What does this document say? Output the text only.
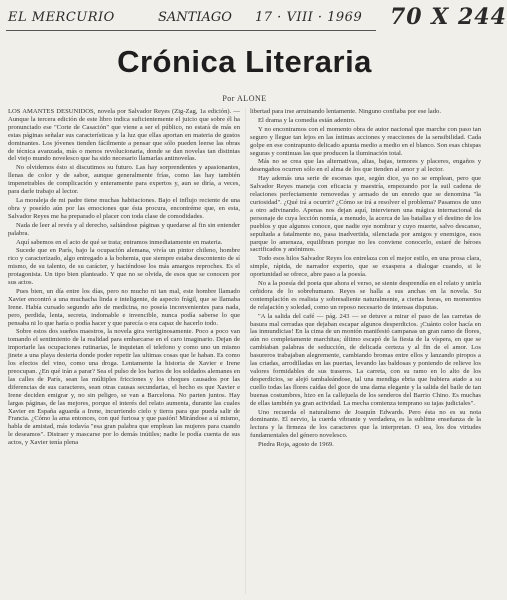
EL MERCURIO	SANTIAGO 17 · VIII · 1969 70 X 244
Crónica Literaria
Por ALONE

LOS AMANTES DESUNIDOS, novela por Salvador Reyes (Zig-Zag, 1a edición). — Aunque la tercera edición de este libro indica suficientemente el juicio que sobre él ha pronunciado ese "Corte de Casación" que viene a ser el público, no estará de más en estas páginas señalar sus características y la luz que ellas aportan en materia de gustos dominantes. Los jóvenes tienden fácilmente a pensar que sólo pueden leerse las obras de técnica avanzada, más o menos revolucionaria, donde se dan novelas tan distintas del viejo mundo novelesco que ha sido necesario llamarlas antinovelas.

No olvidemos ésto si discutimos su futuro. Las hay sorprendentes y apasionantes, llenas de color y de sabor, aunque generalmente frías, como las hay también impenetrables de complicación y enteramente para expertos y, aun se diría, a veces, para darle trabajo al lector.

La moraleja de mi padre tiene muchas habitaciones. Bajo el influjo reciente de una obra y poseído aún por las emociones que ésta procura, encontréme que, en esta, Salvador Reyes me ha preparado el placer con toda clase de comodidades.

Nada de leer al revés y al derecho, saltándose páginas y quedarse al fin sin entender palabra.

Aquí sabemos en el acto de qué se trata; entramos inmediatamente en materia.

Sucede que en París, bajo la ocupación alemana, vivía un pintor chileno, hombre rico y caracterizado, algo entregado a la bohemia, que siempre estaba descontento de sí mismo, de su talento, de su carácter, y haciéndose los más amargos reproches. Es el protagonista. Un tipo bien planteado. Y que no se olvida, de esos que se conocen por sus actos.

Pues bien, un día entre los días, pero no mucho ni tan mal, este hombre llamado Xavier encontró a una muchacha linda e inteligente, de aspecto frágil, que se llamaba Irene. Había cursado segundo año de medicina, no poseía inconvenientes para nada, pero, perdida, lenta, secreta, indomable e invencible, nunca podía saberse lo que pensaba ni lo que haría o podía hacer y que parecía o era capaz de hacerlo todo.

Sobre estos dos sueños maestros, la novela gira vertiginosamente. Poco a poco van tomando el sentimiento de la realidad para embarcarse en el caro imaginario. Dejan de importarle las ocupaciones rutinarias, le inquietan el telefono y como uno un mismo jinete a una playa desierta donde poder repetir las ultimas cosas que le haban. Es como los efectos del vino, como una droga. Lentamente la historia de Xavier e Irene preocupan. ¿En qué irán a parar? Sea el pulso de los barios de los soldados alemanes en las calles de París, sean las múltiples fricciones y los choques causados por las diferencias de sus caracteres, sean otras causas secundarias, el hecho es que Xavier e Irene deciden emigrar y, no sin peligro, se van a Barcelona. No parten juntos. Hay largas páginas, de las mejores, porque el interés del relato aumenta, durante las cuales Xavier en España aguarda a Irene, incurriendo cielo y tierra para que pueda salir de Francia. ¿Cómo la ama entonces, con qué furiosa y que pasión! Mirándose a sí mismo, habla de amistad, más todavía "esa gran palabra que emplean las mujeres para cuando le deseamos". Distraer y mascarse por lo demás inútiles; nadie le podía cuenta de sus actos, y Xavier tenía plena

libertad para irse arruinando lentamente. Ninguno confiaba por ese lado.

El drama y la comedia están adentro.

Y no encontramos con el momento obra de autor nacional que marche con paso tan seguro y llegue tan lejos en las íntimas acciones y reacciones de la sensibilidad. Cada golpe en ese contrapunto delicado apunta medio a medio en el blanco. Son esas chispas seguras y continuas las que producen la iluminación total.

Más no se crea que las alternativas, altas, bajas, temores y placeres, engaños y desengaños ocurren sólo en el alma de los que tienden al amor y al lector.

Hay además una serie de escenas que, según dice, ya no se emplean, pero que Salvador Reyes maneja con eficacia y maestría, empezando por la suil cadena de relaciones perfectamente removedas y armado de un enredo que se denomina "la curiosidad". ¿Qué irá a ocurrir? ¿Cómo se irá a resolver el problema? Pasamos de uno a otro adivinando. Apenas nos dejan aquí, intervienen una mágica internacional da personaje de cuya lección nomía, a menudo, la acerca de las batallas y el destino de los pueblos y que algunos conoce, que nadie oye nombrar y cuyo muerte, salvo descanso, sepultada a fatalmente no, pasa inadvertida, silenciada por amigos y enemigos, esos parque lo amenaza, equilibran porque no les conviene conocerlo, estaré de héroes sacrificados y anónimos.

Todo esos hilos Salvador Reyes los entrelaza con el mejor estilo, en una prosa clara, simple, rápida, de narrador experto, que se exaspera a dialogar cuando, si le oportunidad se ofrece, abre paso a la poesía.

No a la poesía del poeta que ahora el verso, se siente desprendía en el relato y unirla ceñidora de lo sobrehumano. Reyes se halla a sus anchas en la novela. Su contemplación es realista y sobresaliente naturalmente, a ciertas horas, en momentos de relajación y soledad, como un reposo necesario de intensas disputas.

"A la salida del café — pág. 243 — se detuve a mirar el paso de las carretas de basura mal cerradas que dejaban escapar algunos desperdicios. ¡Cuánto color hacía en las inmundicias! En la cima de un montón manifestó campanas un gran ramo de flores, aún no completamente marchitas; último escapó de la fiesta de la víspera, en que se cambiaban palabras de seducción, de delicada certeza y al fin de el amor. Los basureros trabajaban alegremente, cambiando bromas entre ellos y lanzando piropos a las criadas, arrodilladas en las puertas, levando las baldosas y poniendo de relieve los valores formidables de sus traseros. La carreta, con su ramo en lo alto de los desperdicios, se alejó tambaleándose, tal una mendiga ebria que hubiera atado a su cuello todas las flores caídas del goce de una dama elegante y la salida del baile de tan buenas costumbres, hizo en la callejuela de los senderos del Barrio Chino. Es muchas de ellas también ya gran actividad. La mecha comienza temprano su tajas judiciales".

Uno recuerda el naturalismo de Joaquín Edwards. Pero ésta no es su nota dominante. El nervio, la cuerda vibrante y verdadera, es la sublime enseñanza de la lectura y la firmeza de los caracteres que la interpretan. O sea, los dos virtudes fundamentales del género novelesco.

Piedra Roja, agosto de 1969.
